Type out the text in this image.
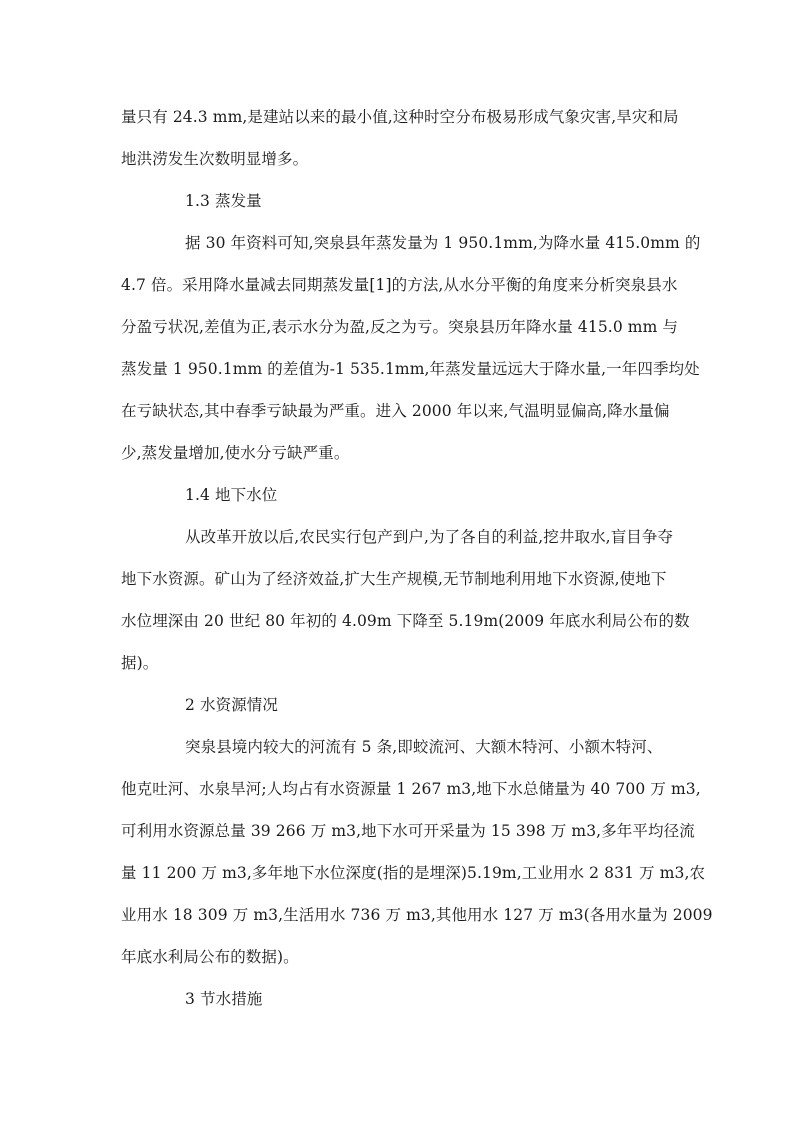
量只有 24.3 mm,是建站以来的最小值,这种时空分布极易形成气象灾害,旱灾和局
地洪涝发生次数明显增多。
1.3 蒸发量
据 30 年资料可知,突泉县年蒸发量为 1 950.1mm,为降水量 415.0mm 的
4.7 倍。采用降水量减去同期蒸发量[1]的方法,从水分平衡的角度来分析突泉县水
分盈亏状况,差值为正,表示水分为盈,反之为亏。突泉县历年降水量 415.0 mm 与
蒸发量 1 950.1mm 的差值为-1 535.1mm,年蒸发量远远大于降水量,一年四季均处
在亏缺状态,其中春季亏缺最为严重。进入 2000 年以来,气温明显偏高,降水量偏
少,蒸发量增加,使水分亏缺严重。
1.4 地下水位
从改革开放以后,农民实行包产到户,为了各自的利益,挖井取水,盲目争夺
地下水资源。矿山为了经济效益,扩大生产规模,无节制地利用地下水资源,使地下
水位埋深由 20 世纪 80 年初的 4.09m 下降至 5.19m(2009 年底水利局公布的数
据)。
2 水资源情况
突泉县境内较大的河流有 5 条,即蛟流河、大额木特河、小额木特河、
他克吐河、水泉旱河;人均占有水资源量 1 267 m3,地下水总储量为 40 700 万 m3,
可利用水资源总量 39 266 万 m3,地下水可开采量为 15 398 万 m3,多年平均径流
量 11 200 万 m3,多年地下水位深度(指的是埋深)5.19m,工业用水 2 831 万 m3,农
业用水 18 309 万 m3,生活用水 736 万 m3,其他用水 127 万 m3(各用水量为 2009
年底水利局公布的数据)。
3 节水措施
